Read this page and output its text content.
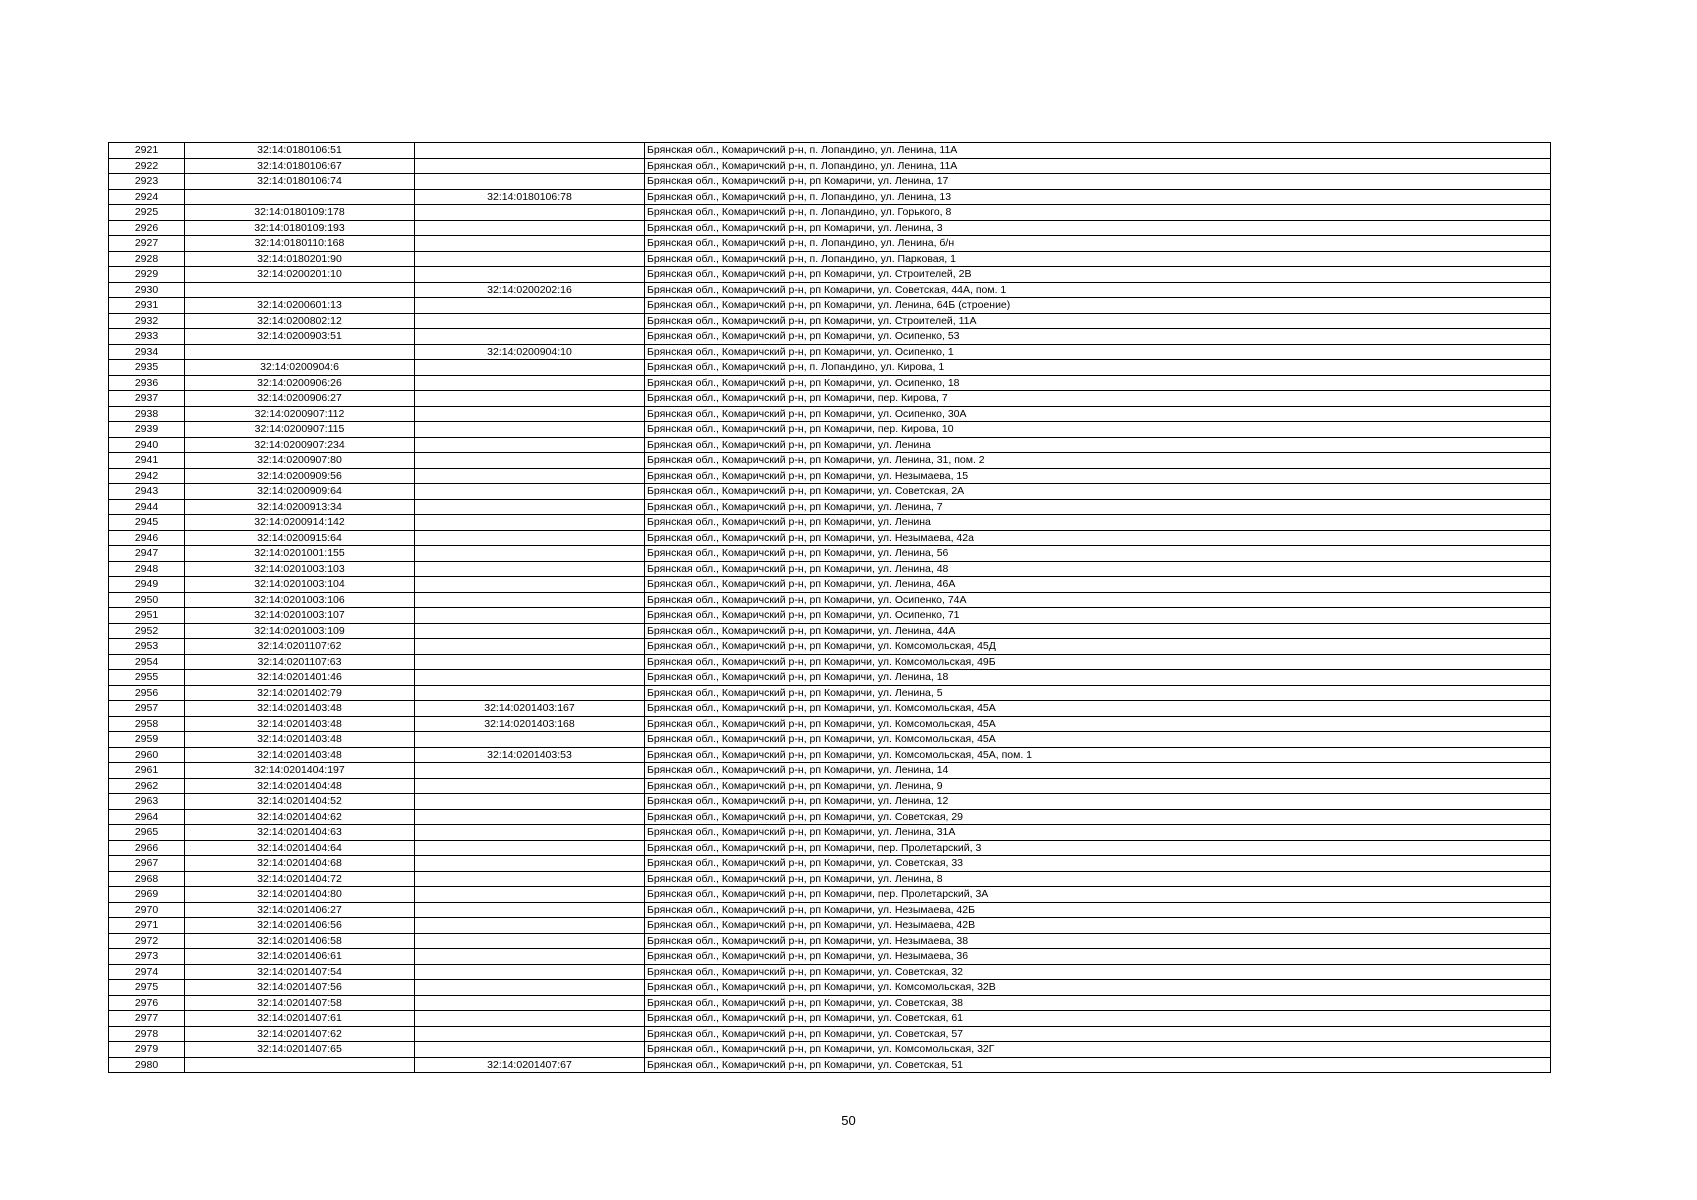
2921	32:14:0180106:51		Брянская обл., Комаричский р-н, п. Лопандино, ул. Ленина, 11А
2922	32:14:0180106:67		Брянская обл., Комаричский р-н, п. Лопандино, ул. Ленина, 11А
2923	32:14:0180106:74		Брянская обл., Комаричский р-н, рп Комаричи, ул. Ленина, 17
2924		32:14:0180106:78	Брянская обл., Комаричский р-н, п. Лопандино, ул. Ленина, 13
2925	32:14:0180109:178		Брянская обл., Комаричский р-н, п. Лопандино, ул. Горького, 8
2926	32:14:0180109:193		Брянская обл., Комаричский р-н, рп Комаричи, ул. Ленина, 3
2927	32:14:0180110:168		Брянская обл., Комаричский р-н, п. Лопандино, ул. Ленина, б/н
2928	32:14:0180201:90		Брянская обл., Комаричский р-н, п. Лопандино, ул. Парковая, 1
2929	32:14:0200201:10		Брянская обл., Комаричский р-н, рп Комаричи, ул. Строителей, 2В
2930		32:14:0200202:16	Брянская обл., Комаричский р-н, рп Комаричи, ул. Советская, 44А, пом. 1
2931	32:14:0200601:13		Брянская обл., Комаричский р-н, рп Комаричи, ул. Ленина, 64Б (строение)
2932	32:14:0200802:12		Брянская обл., Комаричский р-н, рп Комаричи, ул. Строителей, 11А
2933	32:14:0200903:51		Брянская обл., Комаричский р-н, рп Комаричи, ул. Осипенко, 53
2934		32:14:0200904:10	Брянская обл., Комаричский р-н, рп Комаричи, ул. Осипенко, 1
2935	32:14:0200904:6		Брянская обл., Комаричский р-н, п. Лопандино, ул. Кирова, 1
2936	32:14:0200906:26		Брянская обл., Комаричский р-н, рп Комаричи, ул. Осипенко, 18
2937	32:14:0200906:27		Брянская обл., Комаричский р-н, рп Комаричи, пер. Кирова, 7
2938	32:14:0200907:112		Брянская обл., Комаричский р-н, рп Комаричи, ул. Осипенко, 30А
2939	32:14:0200907:115		Брянская обл., Комаричский р-н, рп Комаричи, пер. Кирова, 10
2940	32:14:0200907:234		Брянская обл., Комаричский р-н, рп Комаричи, ул. Ленина
2941	32:14:0200907:80		Брянская обл., Комаричский р-н, рп Комаричи, ул. Ленина, 31, пом. 2
2942	32:14:0200909:56		Брянская обл., Комаричский р-н, рп Комаричи, ул. Незымаева, 15
2943	32:14:0200909:64		Брянская обл., Комаричский р-н, рп Комаричи, ул. Советская, 2А
2944	32:14:0200913:34		Брянская обл., Комаричский р-н, рп Комаричи, ул. Ленина, 7
2945	32:14:0200914:142		Брянская обл., Комаричский р-н, рп Комаричи, ул. Ленина
2946	32:14:0200915:64		Брянская обл., Комаричский р-н, рп Комаричи, ул. Незымаева, 42а
2947	32:14:0201001:155		Брянская обл., Комаричский р-н, рп Комаричи, ул. Ленина, 56
2948	32:14:0201003:103		Брянская обл., Комаричский р-н, рп Комаричи, ул. Ленина, 48
2949	32:14:0201003:104		Брянская обл., Комаричский р-н, рп Комаричи, ул. Ленина, 46А
2950	32:14:0201003:106		Брянская обл., Комаричский р-н, рп Комаричи, ул. Осипенко, 74А
2951	32:14:0201003:107		Брянская обл., Комаричский р-н, рп Комаричи, ул. Осипенко, 71
2952	32:14:0201003:109		Брянская обл., Комаричский р-н, рп Комаричи, ул. Ленина, 44А
2953	32:14:0201107:62		Брянская обл., Комаричский р-н, рп Комаричи, ул. Комсомольская, 45Д
2954	32:14:0201107:63		Брянская обл., Комаричский р-н, рп Комаричи, ул. Комсомольская, 49Б
2955	32:14:0201401:46		Брянская обл., Комаричский р-н, рп Комаричи, ул. Ленина, 18
2956	32:14:0201402:79		Брянская обл., Комаричский р-н, рп Комаричи, ул. Ленина, 5
2957	32:14:0201403:48	32:14:0201403:167	Брянская обл., Комаричский р-н, рп Комаричи, ул. Комсомольская, 45А
2958	32:14:0201403:48	32:14:0201403:168	Брянская обл., Комаричский р-н, рп Комаричи, ул. Комсомольская, 45А
2959	32:14:0201403:48		Брянская обл., Комаричский р-н, рп Комаричи, ул. Комсомольская, 45А
2960	32:14:0201403:48	32:14:0201403:53	Брянская обл., Комаричский р-н, рп Комаричи, ул. Комсомольская, 45А, пом. 1
2961	32:14:0201404:197		Брянская обл., Комаричский р-н, рп Комаричи, ул. Ленина, 14
2962	32:14:0201404:48		Брянская обл., Комаричский р-н, рп Комаричи, ул. Ленина, 9
2963	32:14:0201404:52		Брянская обл., Комаричский р-н, рп Комаричи, ул. Ленина, 12
2964	32:14:0201404:62		Брянская обл., Комаричский р-н, рп Комаричи, ул. Советская, 29
2965	32:14:0201404:63		Брянская обл., Комаричский р-н, рп Комаричи, ул. Ленина, 31А
2966	32:14:0201404:64		Брянская обл., Комаричский р-н, рп Комаричи, пер. Пролетарский, 3
2967	32:14:0201404:68		Брянская обл., Комаричский р-н, рп Комаричи, ул. Советская, 33
2968	32:14:0201404:72		Брянская обл., Комаричский р-н, рп Комаричи, ул. Ленина, 8
2969	32:14:0201404:80		Брянская обл., Комаричский р-н, рп Комаричи, пер. Пролетарский, 3А
2970	32:14:0201406:27		Брянская обл., Комаричский р-н, рп Комаричи, ул. Незымаева, 42Б
2971	32:14:0201406:56		Брянская обл., Комаричский р-н, рп Комаричи, ул. Незымаева, 42В
2972	32:14:0201406:58		Брянская обл., Комаричский р-н, рп Комаричи, ул. Незымаева, 38
2973	32:14:0201406:61		Брянская обл., Комаричский р-н, рп Комаричи, ул. Незымаева, 36
2974	32:14:0201407:54		Брянская обл., Комаричский р-н, рп Комаричи, ул. Советская, 32
2975	32:14:0201407:56		Брянская обл., Комаричский р-н, рп Комаричи, ул. Комсомольская, 32В
2976	32:14:0201407:58		Брянская обл., Комаричский р-н, рп Комаричи, ул. Советская, 38
2977	32:14:0201407:61		Брянская обл., Комаричский р-н, рп Комаричи, ул. Советская, 61
2978	32:14:0201407:62		Брянская обл., Комаричский р-н, рп Комаричи, ул. Советская, 57
2979	32:14:0201407:65		Брянская обл., Комаричский р-н, рп Комаричи, ул. Комсомольская, 32Г
2980		32:14:0201407:67	Брянская обл., Комаричский р-н, рп Комаричи, ул. Советская, 51
50
